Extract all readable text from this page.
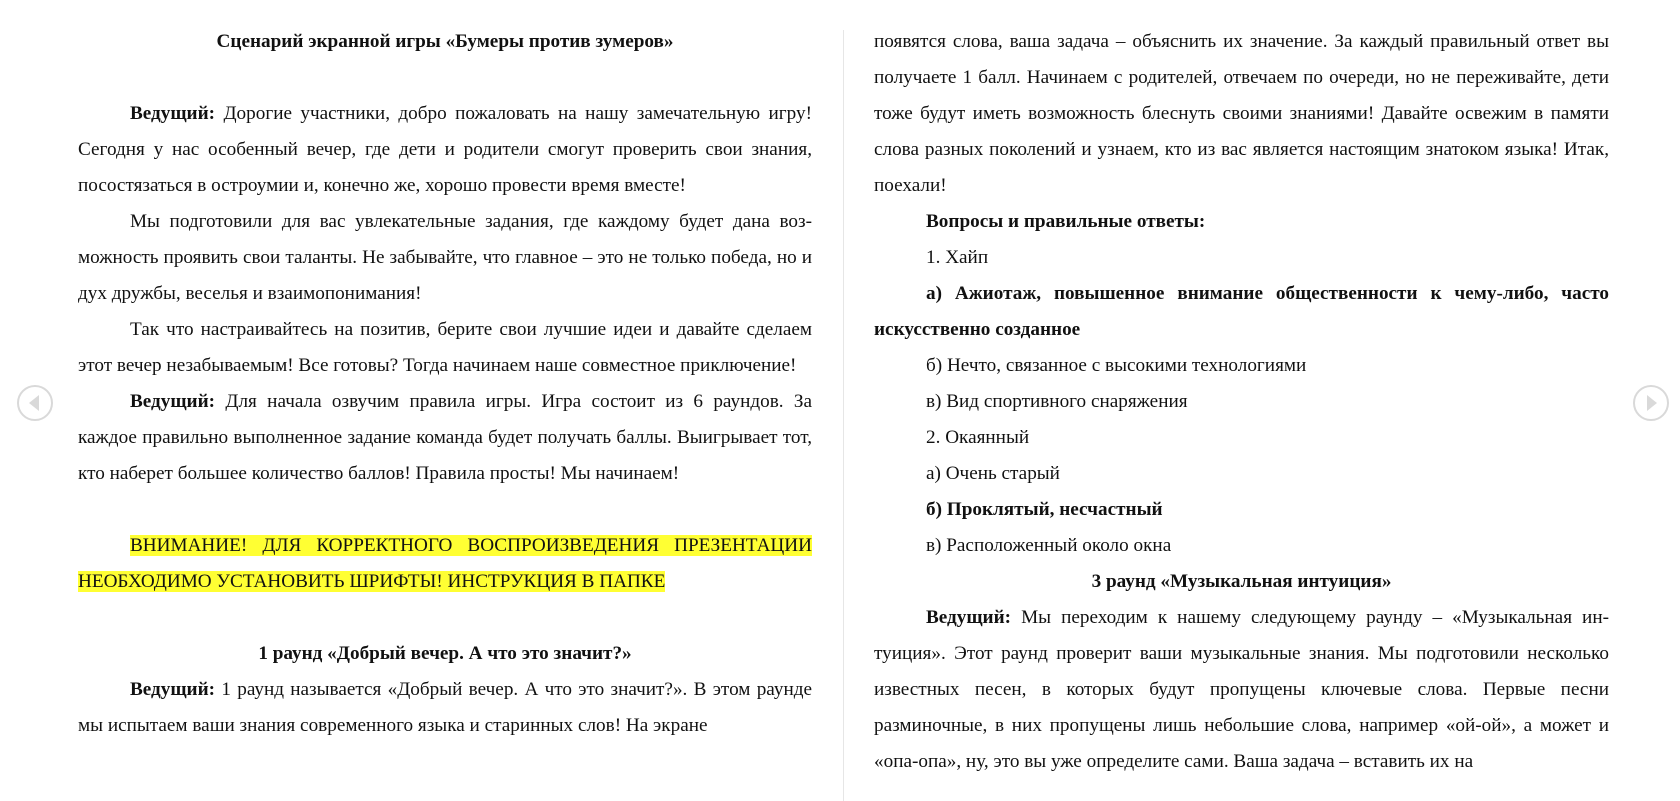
Сценарий экранной игры «Бумеры против зумеров»

Ведущий: Дорогие участники, добро пожаловать на нашу замечательную игру! Сегодня у нас особенный вечер, где дети и родители смогут проверить свои знания, посостязаться в остроумии и, конечно же, хорошо провести время вместе!

Мы подготовили для вас увлекательные задания, где каждому будет дана возможность проявить свои таланты. Не забывайте, что главное – это не только победа, но и дух дружбы, веселья и взаимопонимания!

Так что настраивайтесь на позитив, берите свои лучшие идеи и давайте сделаем этот вечер незабываемым! Все готовы? Тогда начинаем наше совместное приключение!

Ведущий: Для начала озвучим правила игры. Игра состоит из 6 раундов. За каждое правильно выполненное задание команда будет получать баллы. Выигрывает тот, кто наберет большее количество баллов! Правила просты! Мы начинаем!

ВНИМАНИЕ! ДЛЯ КОРРЕКТНОГО ВОСПРОИЗВЕДЕНИЯ ПРЕЗЕНТАЦИИ НЕОБХОДИМО УСТАНОВИТЬ ШРИФТЫ! ИНСТРУКЦИЯ В ПАПКЕ

1 раунд «Добрый вечер. А что это значит?»

Ведущий: 1 раунд называется «Добрый вечер. А что это значит?». В этом раунде мы испытаем ваши знания современного языка и старинных слов! На экране

появятся слова, ваша задача – объяснить их значение. За каждый правильный ответ вы получаете 1 балл. Начинаем с родителей, отвечаем по очереди, но не переживайте, дети тоже будут иметь возможность блеснуть своими знаниями! Давайте освежим в памяти слова разных поколений и узнаем, кто из вас является настоящим знатоком языка! Итак, поехали!

Вопросы и правильные ответы:

1. Хайп

а) Ажиотаж, повышенное внимание общественности к чему-либо, часто искусственно созданное

б) Нечто, связанное с высокими технологиями

в) Вид спортивного снаряжения

2. Окаянный

а) Очень старый

б) Проклятый, несчастный

в) Расположенный около окна

3 раунд «Музыкальная интуиция»

Ведущий: Мы переходим к нашему следующему раунду – «Музыкальная интуиция». Этот раунд проверит ваши музыкальные знания. Мы подготовили несколько известных песен, в которых будут пропущены ключевые слова. Первые песни разминочные, в них пропущены лишь небольшие слова, например «ой-ой», а может и «опа-опа», ну, это вы уже определите сами. Ваша задача – вставить их на
